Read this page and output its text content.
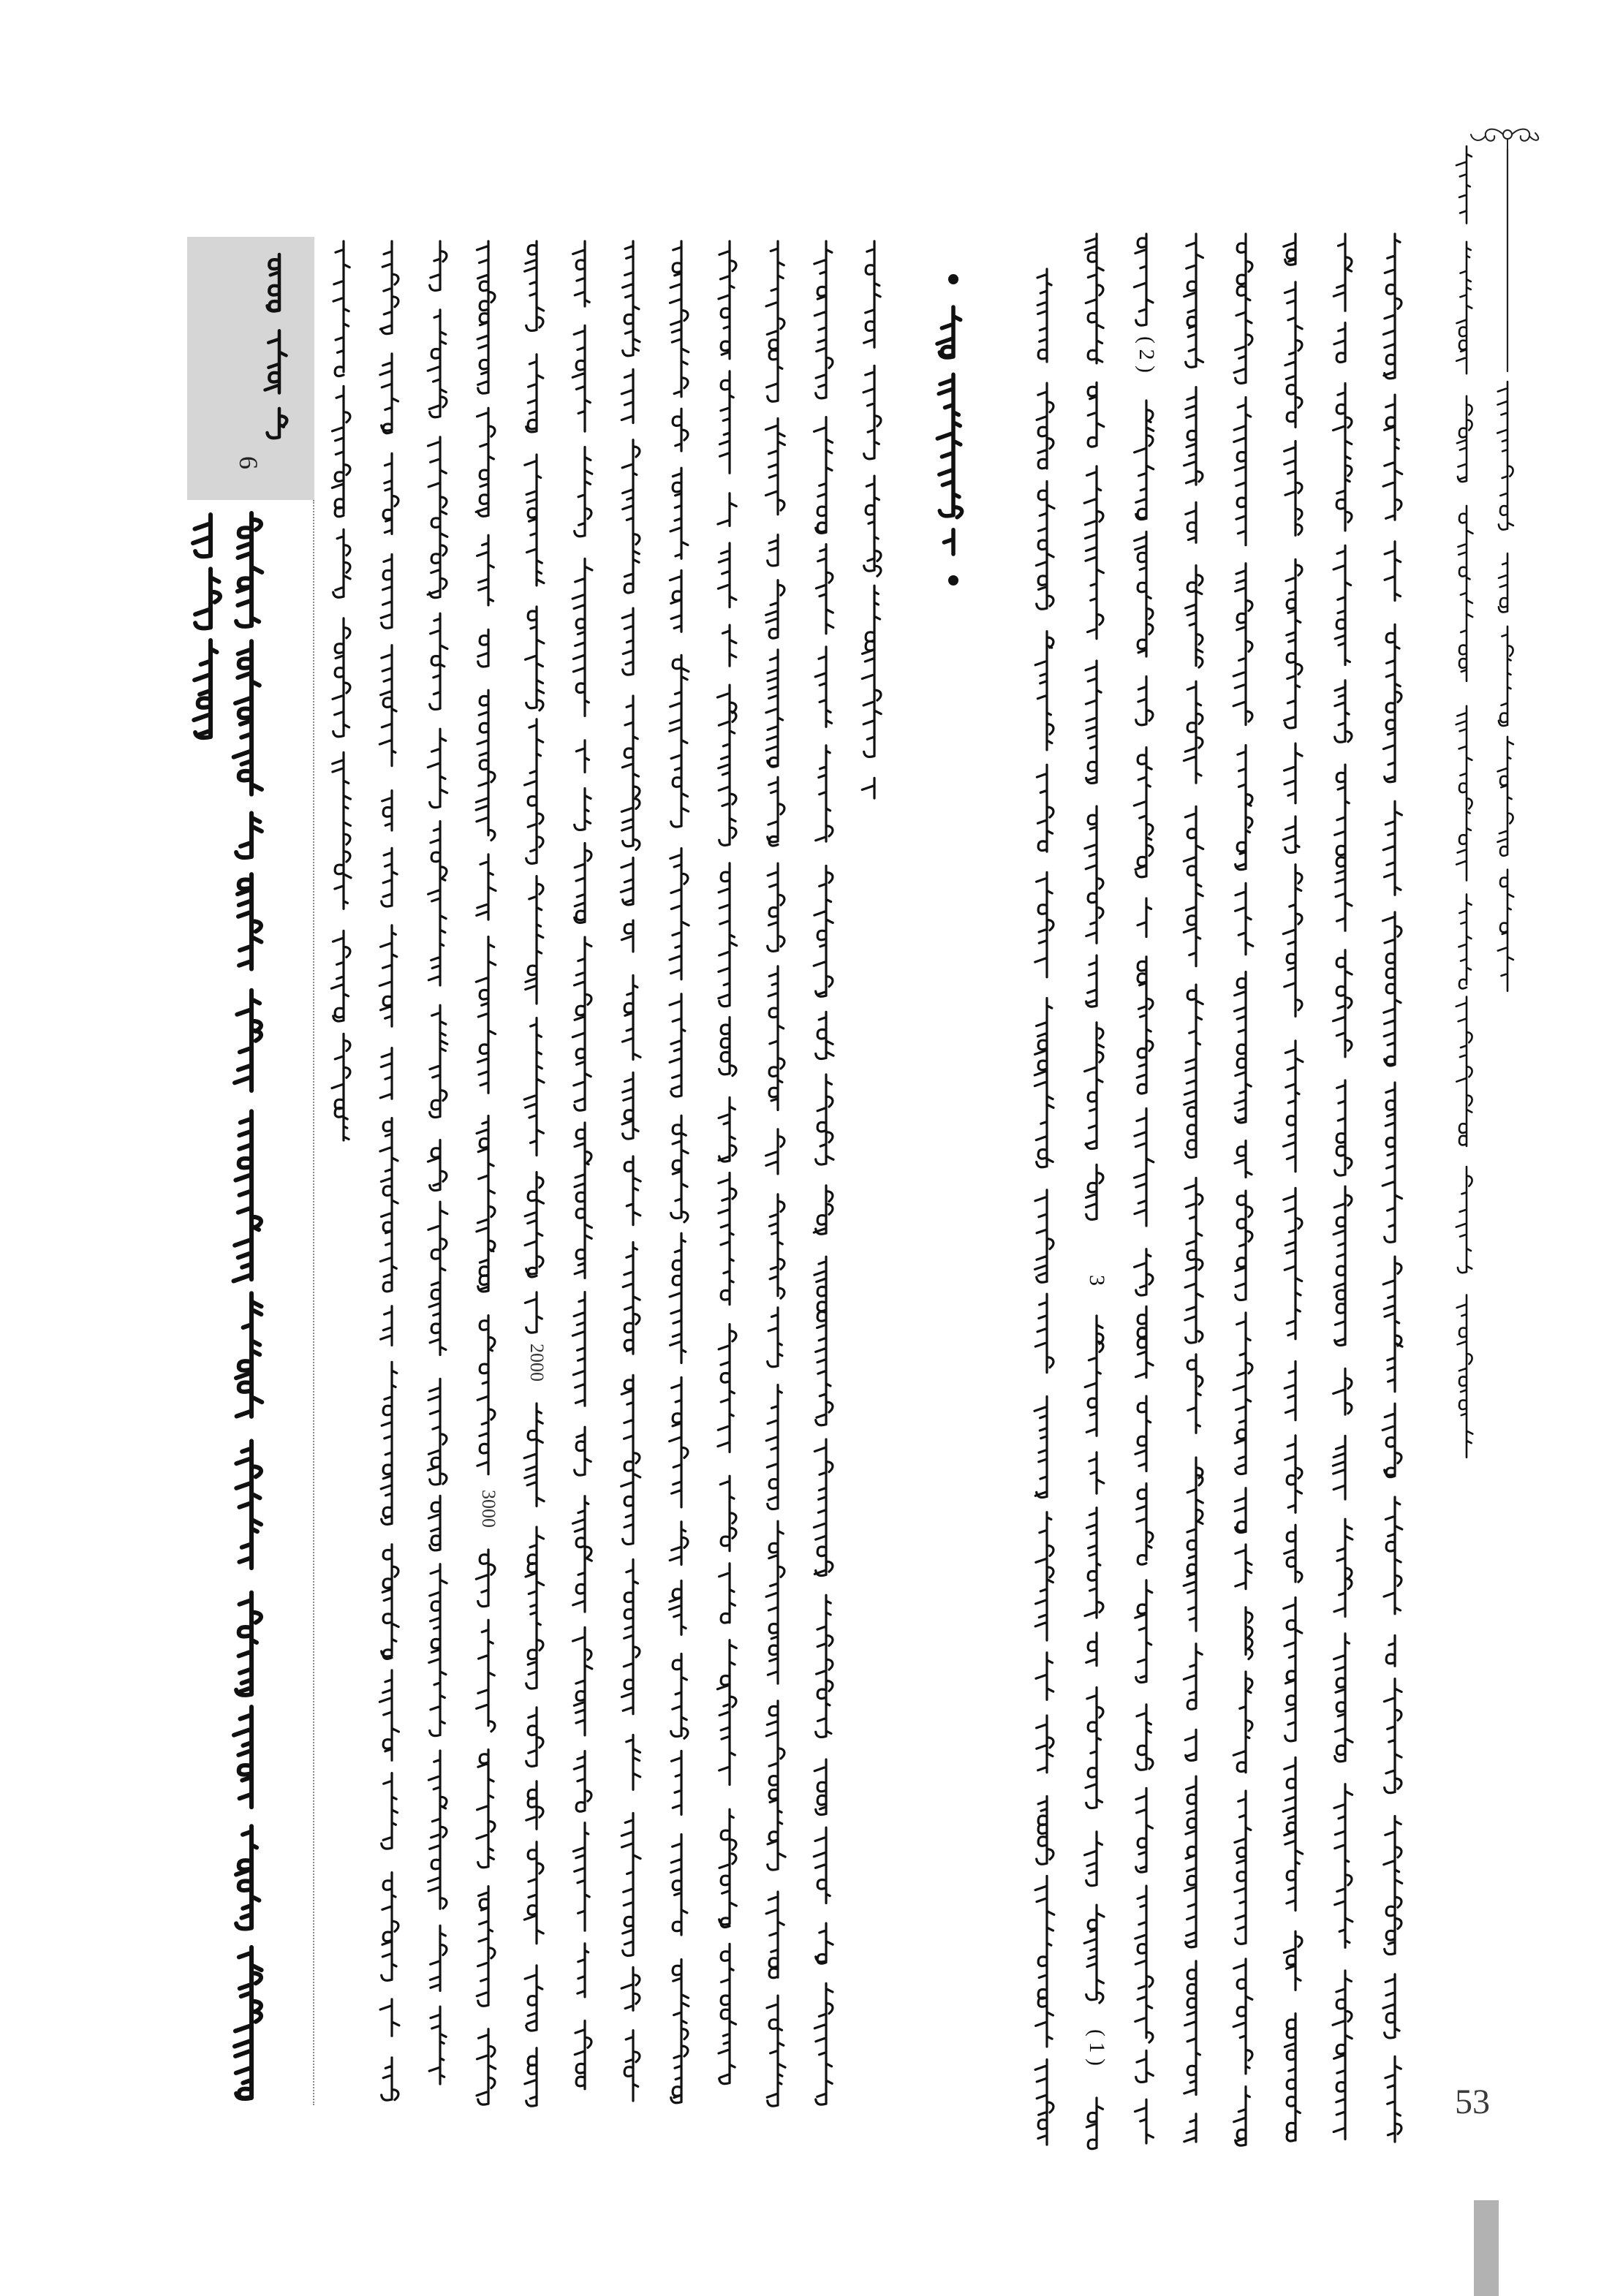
( 2 )
3
( 1 )
2000
3000
6
53
